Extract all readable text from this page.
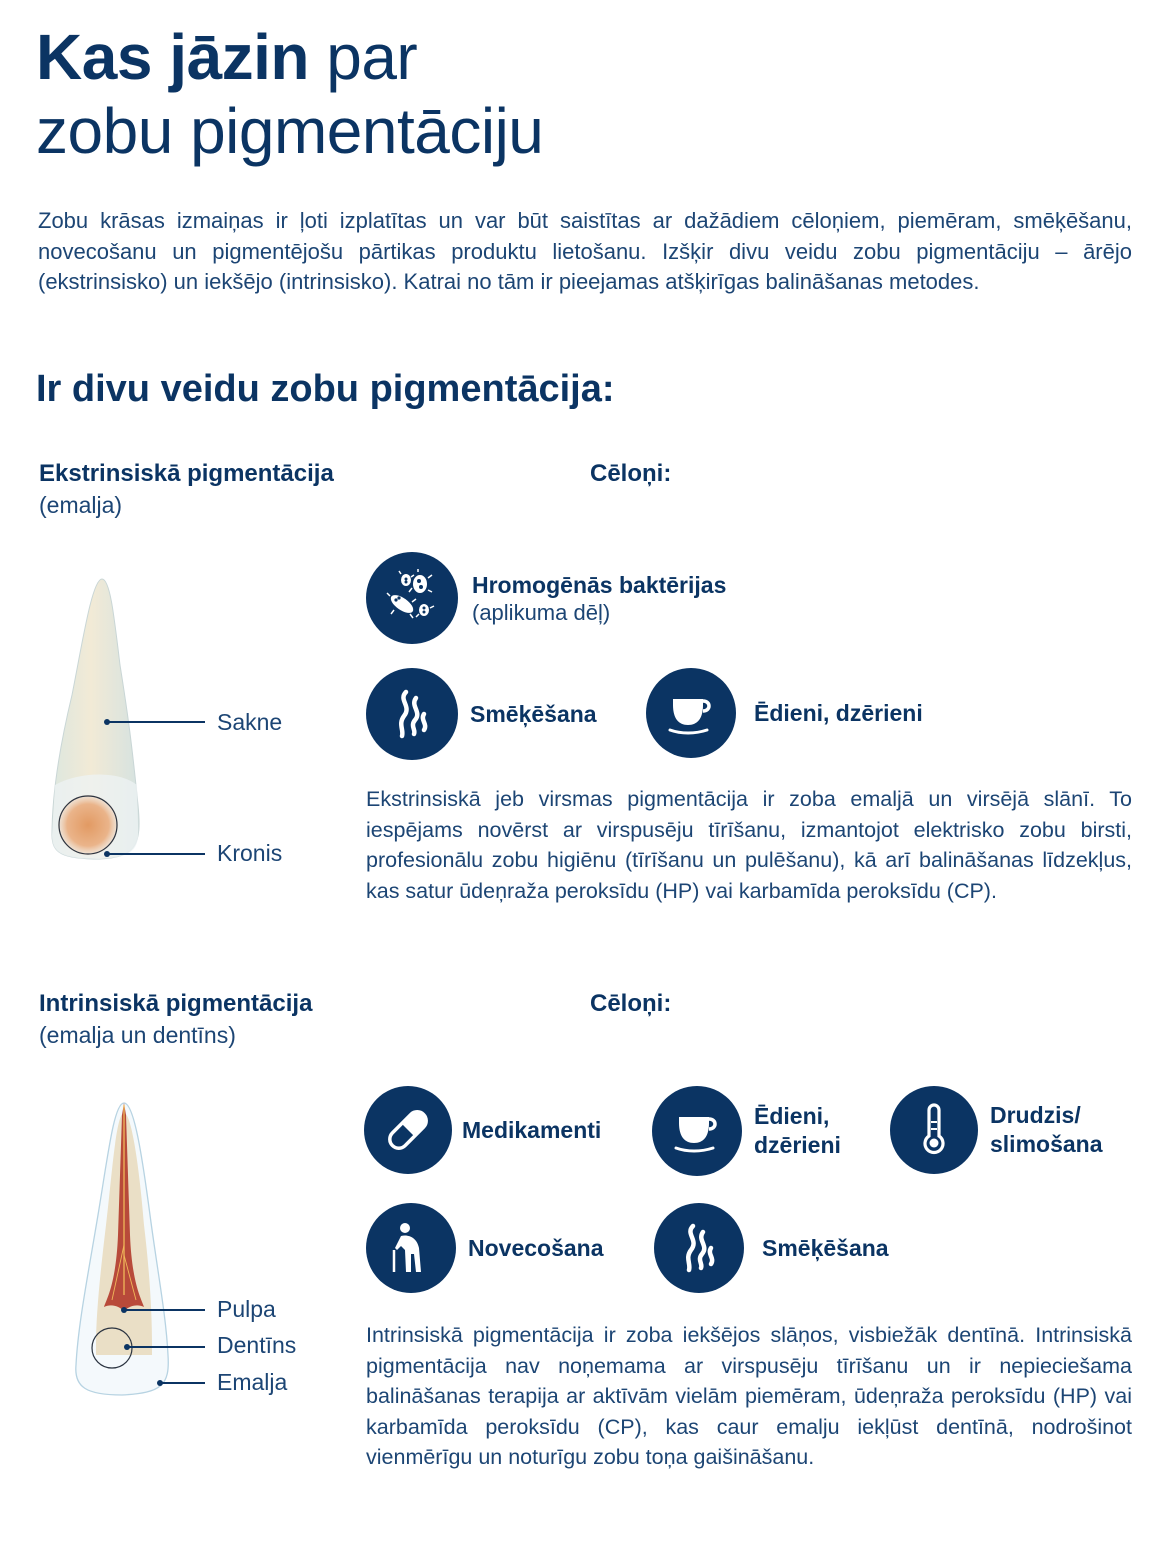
Kas jāzin par
zobu pigmentāciju

Zobu krāsas izmaiņas ir ļoti izplatītas un var būt saistītas ar dažādiem cēloņiem, piemēram, smēķēšanu, novecošanu un pigmentējošu pārtikas produktu lietošanu. Izšķir divu veidu zobu pigmentāciju – ārējo (ekstrinsisko) un iekšējo (intrinsisko). Katrai no tām ir pieejamas atšķirīgas balināšanas metodes.

Ir divu veidu zobu pigmentācija:
Ekstrinsiskā pigmentācija
(emalja)
Cēloņi:
Sakne
Kronis
Hromogēnās baktērijas
(aplikuma dēļ)
Smēķēšana	Ēdieni, dzērieni

Ekstrinsiskā jeb virsmas pigmentācija ir zoba emaljā un virsējā slānī. To iespējams novērst ar virspusēju tīrīšanu, izmantojot elektrisko zobu birsti, profesionālu zobu higiēnu (tīrīšanu un pulēšanu), kā arī balināšanas līdzekļus, kas satur ūdeņraža peroksīdu (HP) vai karbamīda peroksīdu (CP).

Intrinsiskā pigmentācija
(emalja un dentīns)
Cēloņi:
Pulpa
Dentīns
Emalja
Medikamenti
Ēdieni,
dzērieni
Drudzis/
slimošana
Novecošana	Smēķēšana

Intrinsiskā pigmentācija ir zoba iekšējos slāņos, visbiežāk dentīnā. Intrinsiskā pigmentācija nav noņemama ar virspusēju tīrīšanu un ir nepieciešama balināšanas terapija ar aktīvām vielām piemēram, ūdeņraža peroksīdu (HP) vai karbamīda peroksīdu (CP), kas caur emalju iekļūst dentīnā, nodrošinot vienmērīgu un noturīgu zobu toņa gaišināšanu.
